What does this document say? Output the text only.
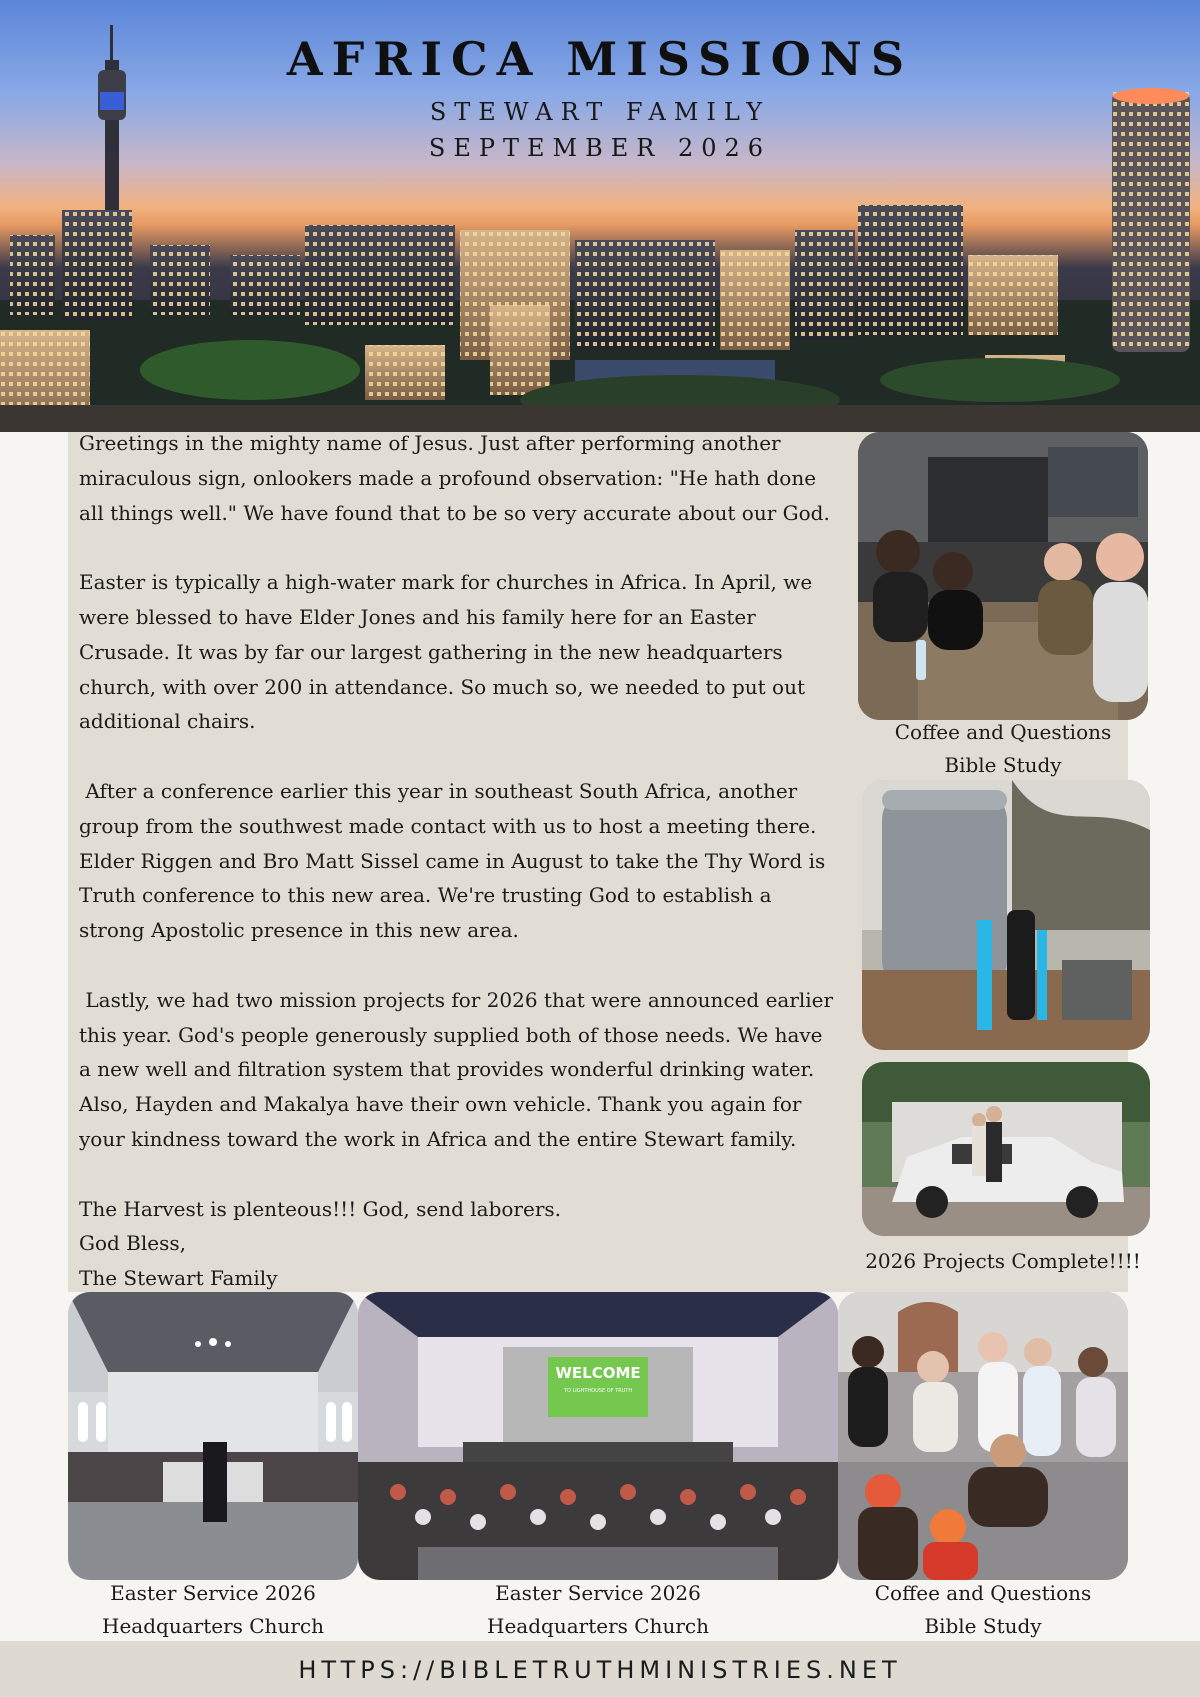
AFRICA MISSIONS

STEWART FAMILY

SEPTEMBER 2026

Greetings in the mighty name of Jesus. Just after performing another
miraculous sign, onlookers made a profound observation: "He hath done
all things well." We have found that to be so very accurate about our God.

Easter is typically a high-water mark for churches in Africa. In April, we
were blessed to have Elder Jones and his family here for an Easter
Crusade. It was by far our largest gathering in the new headquarters
church, with over 200 in attendance. So much so, we needed to put out
additional chairs.

After a conference earlier this year in southeast South Africa, another
group from the southwest made contact with us to host a meeting there.
Elder Riggen and Bro Matt Sissel came in August to take the Thy Word is
Truth conference to this new area. We're trusting God to establish a
strong Apostolic presence in this new area.

Lastly, we had two mission projects for 2026 that were announced earlier
this year. God's people generously supplied both of those needs. We have
a new well and filtration system that provides wonderful drinking water.
Also, Hayden and Makalya have their own vehicle. Thank you again for
your kindness toward the work in Africa and the entire Stewart family.

The Harvest is plenteous!!! God, send laborers.
God Bless,
The Stewart Family

Coffee and Questions
Bible Study
2026 Projects Complete!!!!
WELCOME
TO LIGHTHOUSE OF TRUTH
Easter Service 2026
Headquarters Church
Easter Service 2026
Headquarters Church
Coffee and Questions
Bible Study
HTTPS://BIBLETRUTHMINISTRIES.NET
